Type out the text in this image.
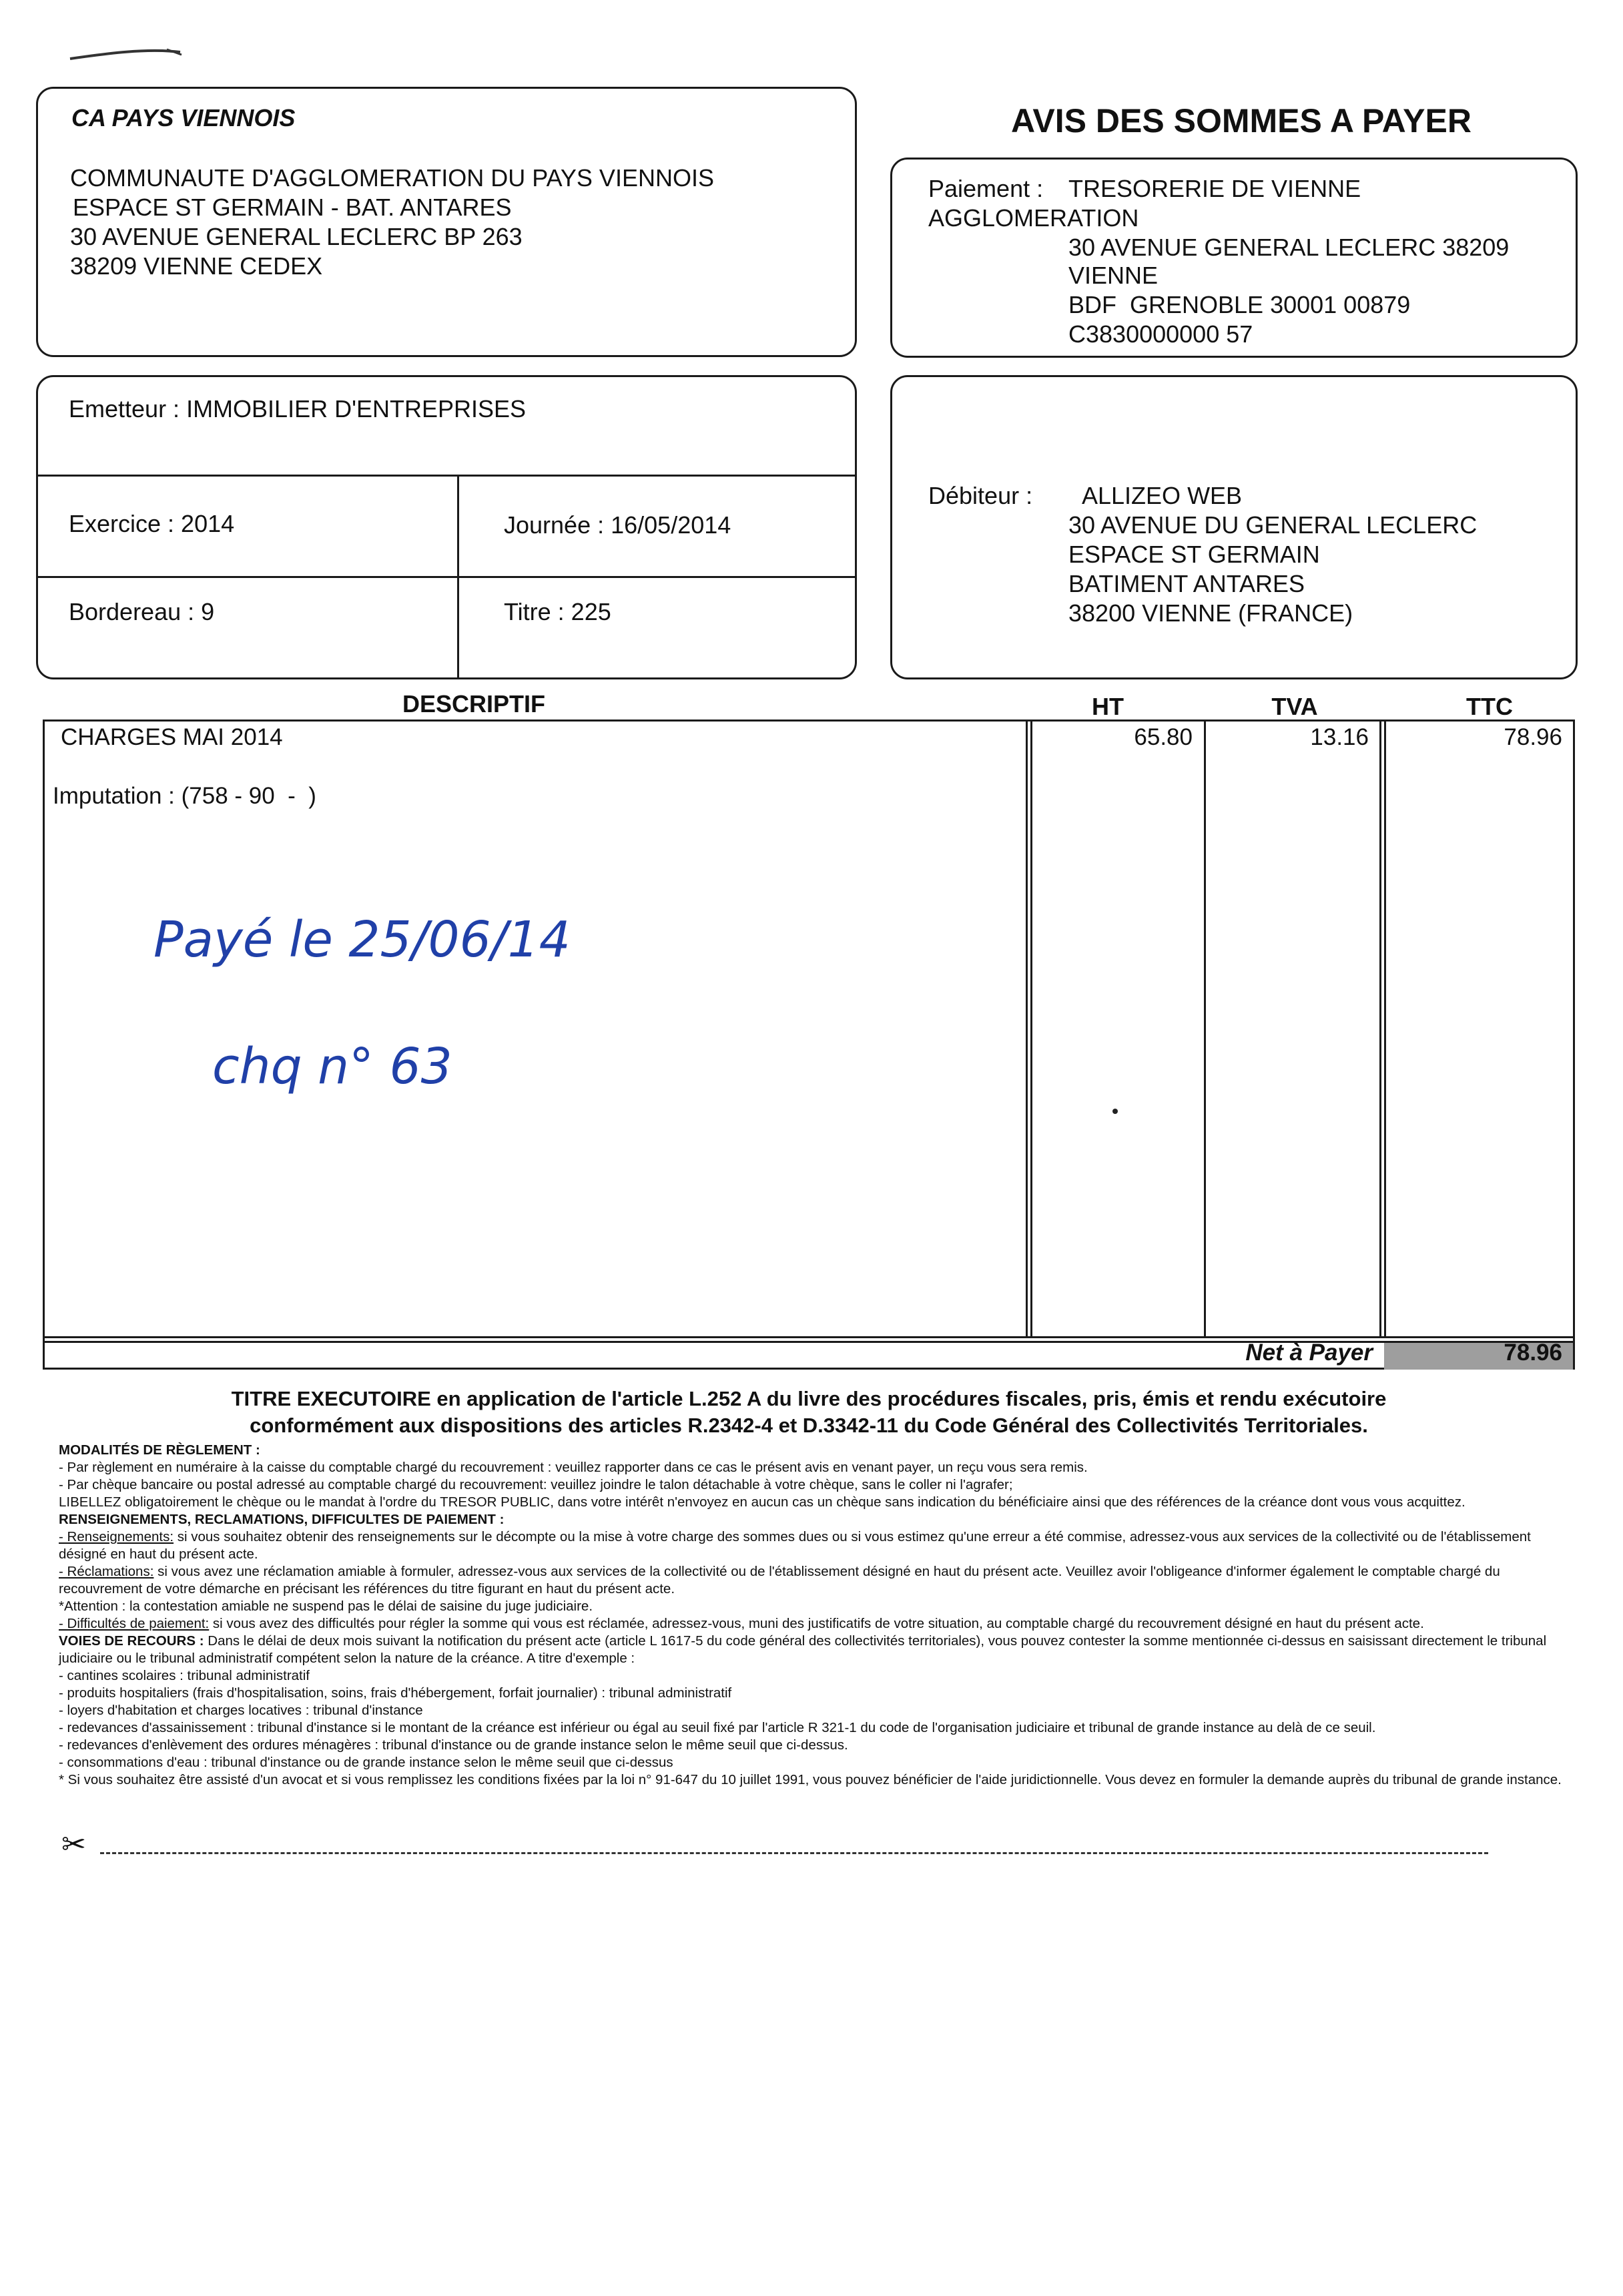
CA PAYS VIENNOIS
COMMUNAUTE D'AGGLOMERATION DU PAYS VIENNOIS
ESPACE ST GERMAIN - BAT. ANTARES
30 AVENUE GENERAL LECLERC BP 263
38209 VIENNE CEDEX
AVIS DES SOMMES A PAYER
Paiement : TRESORERIE DE VIENNE
AGGLOMERATION
30 AVENUE GENERAL LECLERC 38209
VIENNE
BDF  GRENOBLE 30001 00879
C3830000000 57
Emetteur : IMMOBILIER D'ENTREPRISES
Exercice : 2014	Journée : 16/05/2014
Bordereau : 9	Titre : 225
Débiteur : ALLIZEO WEB
30 AVENUE DU GENERAL LECLERC
ESPACE ST GERMAIN
BATIMENT ANTARES
38200 VIENNE (FRANCE)
DESCRIPTIF	HT	TVA	TTC
CHARGES MAI 2014
Imputation : (758 - 90  -  )
65.80	13.16	78.96
Net à Payer	78.96
Payé le 25/06/14
chq n° 63
TITRE EXECUTOIRE en application de l'article L.252 A du livre des procédures fiscales, pris, émis et rendu exécutoire
conformément aux dispositions des articles R.2342-4 et D.3342-11 du Code Général des Collectivités Territoriales.
MODALITÉS DE RÈGLEMENT :
- Par règlement en numéraire à la caisse du comptable chargé du recouvrement : veuillez rapporter dans ce cas le présent avis en venant payer, un reçu vous sera remis.
- Par chèque bancaire ou postal adressé au comptable chargé du recouvrement: veuillez joindre le talon détachable à votre chèque, sans le coller ni l'agrafer;
LIBELLEZ obligatoirement le chèque ou le mandat à l'ordre du TRESOR PUBLIC, dans votre intérêt n'envoyez en aucun cas un chèque sans indication du bénéficiaire ainsi que des références de la créance dont vous vous acquittez.
RENSEIGNEMENTS, RECLAMATIONS, DIFFICULTES DE PAIEMENT :
- Renseignements: si vous souhaitez obtenir des renseignements sur le décompte ou la mise à votre charge des sommes dues ou si vous estimez qu'une erreur a été commise, adressez-vous aux services de la collectivité ou de l'établissement
désigné en haut du présent acte.
- Réclamations: si vous avez une réclamation amiable à formuler, adressez-vous aux services de la collectivité ou de l'établissement désigné en haut du présent acte. Veuillez avoir l'obligeance d'informer également le comptable chargé du
recouvrement de votre démarche en précisant les références du titre figurant en haut du présent acte.
*Attention : la contestation amiable ne suspend pas le délai de saisine du juge judiciaire.
- Difficultés de paiement: si vous avez des difficultés pour régler la somme qui vous est réclamée, adressez-vous, muni des justificatifs de votre situation, au comptable chargé du recouvrement désigné en haut du présent acte.
VOIES DE RECOURS : Dans le délai de deux mois suivant la notification du présent acte (article L 1617-5 du code général des collectivités territoriales), vous pouvez contester la somme mentionnée ci-dessus en saisissant directement le tribunal
judiciaire ou le tribunal administratif compétent selon la nature de la créance. A titre d'exemple :
- cantines scolaires : tribunal administratif
- produits hospitaliers (frais d'hospitalisation, soins, frais d'hébergement, forfait journalier) : tribunal administratif
- loyers d'habitation et charges locatives : tribunal d'instance
- redevances d'assainissement : tribunal d'instance si le montant de la créance est inférieur ou égal au seuil fixé par l'article R 321-1 du code de l'organisation judiciaire et tribunal de grande instance au delà de ce seuil.
- redevances d'enlèvement des ordures ménagères : tribunal d'instance ou de grande instance selon le même seuil que ci-dessus.
- consommations d'eau : tribunal d'instance ou de grande instance selon le même seuil que ci-dessus
* Si vous souhaitez être assisté d'un avocat et si vous remplissez les conditions fixées par la loi n° 91-647 du 10 juillet 1991, vous pouvez bénéficier de l'aide juridictionnelle. Vous devez en formuler la demande auprès du tribunal de grande instance.
✂
